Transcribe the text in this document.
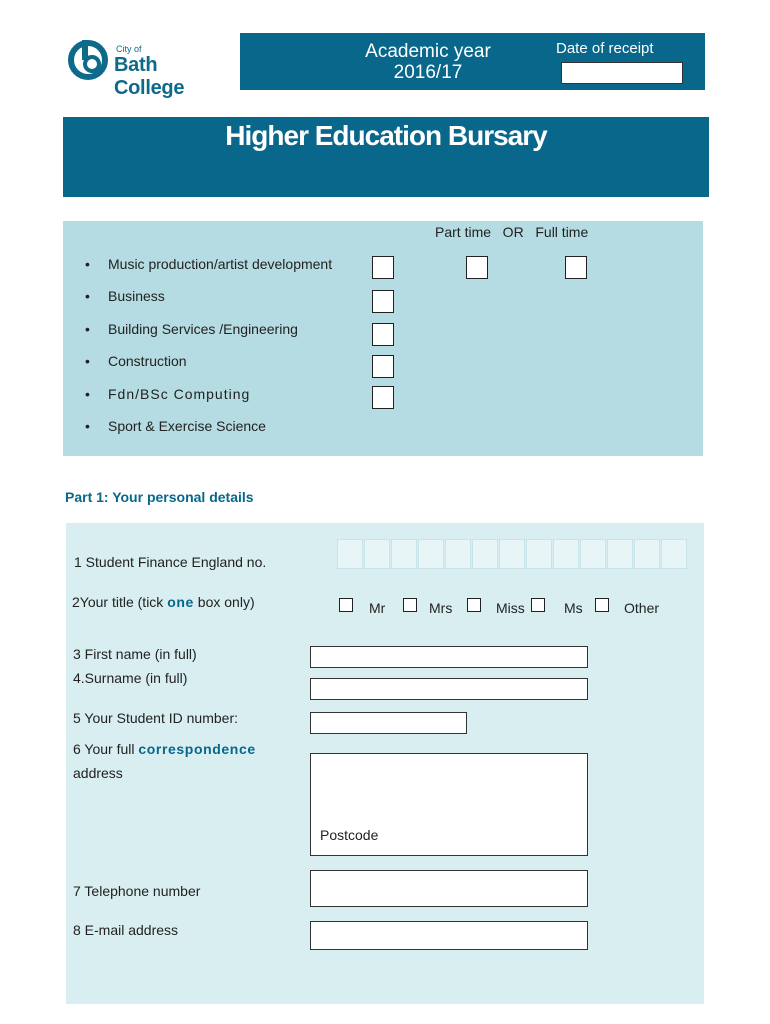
City of
Bath College
Academic year
2016/17
Date of receipt
Higher Education Bursary
Part time   OR   Full time
• Music production/artist development
• Business
• Building Services /Engineering
• Construction
• Fdn/BSc Computing
• Sport & Exercise Science
Part 1: Your personal details
1 Student Finance England no.
2Your title (tick one box only)	Mr	Mrs	Miss	Ms	Other
3 First name (in full)
4.Surname (in full)
5 Your Student ID number:
6 Your full correspondence
address
Postcode
7 Telephone number
8 E-mail address
